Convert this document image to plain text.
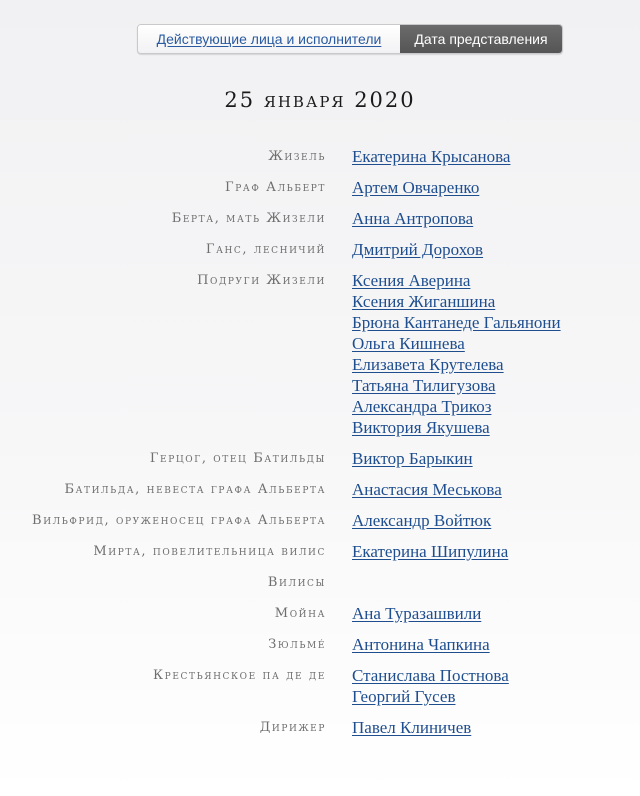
Действующие лица и исполнители Дата представления
25 января 2020
Жизель Екатерина Крысанова
Граф Альберт Артем Овчаренко
Берта, мать Жизели Анна Антропова
Ганс, лесничий Дмитрий Дорохов
Подруги Жизели Ксения Аверина
Ксения Жиганшина
Брюна Кантанеде Гальянони
Ольга Кишнева
Елизавета Крутелева
Татьяна Тилигузова
Александра Трикоз
Виктория Якушева
Герцог, отец Батильды Виктор Барыкин
Батильда, невеста графа Альберта Анастасия Меськова
Вильфрид, оруженосец графа Альберта Александр Войтюк
Мирта, повелительница вилис Екатерина Шипулина
Вилисы
Мойна Ана Туразашвили
Зюльмé Антонина Чапкина
Крестьянское па де де Станислава Постнова
Георгий Гусев
Дирижер Павел Клиничев
